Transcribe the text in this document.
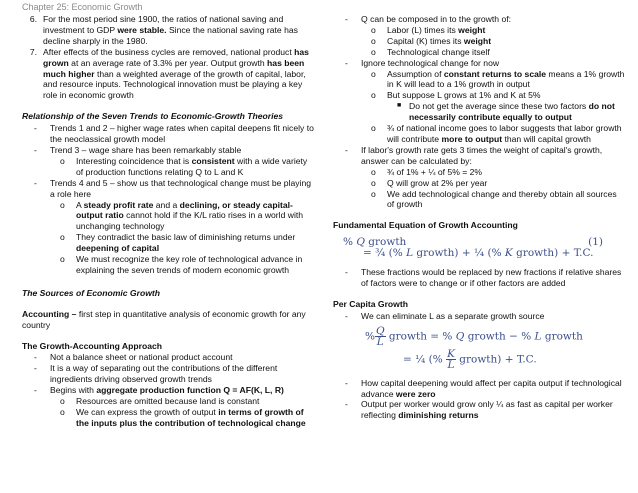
Chapter 25: Economic Growth
6. For the most period sine 1900, the ratios of national saving and investment to GDP were stable. Since the national saving rate has decline sharply in the 1980.

7. After effects of the business cycles are removed, national product has grown at an average rate of 3.3% per year. Output growth has been much higher than a weighted average of the growth of capital, labor, and resource inputs. Technological innovation must be playing a key role in economic growth

Relationship of the Seven Trends to Economic-Growth Theories

-	Trends 1 and 2 – higher wage rates when capital deepens fit nicely to the neoclassical growth model

-	Trend 3 – wage share has been remarkably stable

o	Interesting coincidence that is consistent with a wide variety of production functions relating Q to L and K

-	Trends 4 and 5 – show us that technological change must be playing a role here

o	A steady profit rate and a declining, or steady capital-output ratio cannot hold if the K/L ratio rises in a world with unchanging technology

o	They contradict the basic law of diminishing returns under deepening of capital

o	We must recognize the key role of technological advance in explaining the seven trends of modern economic growth

The Sources of Economic Growth

Accounting – first step in quantitative analysis of economic growth for any country

The Growth-Accounting Approach

-	Not a balance sheet or national product account

-	It is a way of separating out the contributions of the different ingredients driving observed growth trends

-	Begins with aggregate production function Q = AF(K, L, R)

o	Resources are omitted because land is constant

o	We can express the growth of output in terms of growth of the inputs plus the contribution of technological change

-	Q can be composed in to the growth of:

o	Labor (L) times its weight

o	Capital (K) times its weight

o	Technological change itself

-	Ignore technological change for now

o	Assumption of constant returns to scale means a 1% growth in K will lead to a 1% growth in output

o	But suppose L grows at 1% and K at 5%

■ Do not get the average since these two factors do not necessarily contribute equally to output

o	¾ of national income goes to labor suggests that labor growth will contribute more to output than will capital growth

-	If labor's growth rate gets 3 times the weight of capital's growth, answer can be calculated by:

o	¾ of 1% + ¼ of 5% = 2%

o	Q will grow at 2% per year

o	We add technological change and thereby obtain all sources of growth

Fundamental Equation of Growth Accounting

% Q growth	(1)
= ¾ (% L growth) + ¼ (% K growth) + T.C.
-	These fractions would be replaced by new fractions if relative shares of factors were to change or if other factors are added

Per Capita Growth

-	We can eliminate L as a separate growth source

% $\frac{Q}{L}$ growth = % Q growth − % L growth
= ¼ (% $\frac{K}{L}$ growth) + T.C.
-	How capital deepening would affect per capita output if technological advance were zero

-	Output per worker would grow only ¼ as fast as capital per worker reflecting diminishing returns
